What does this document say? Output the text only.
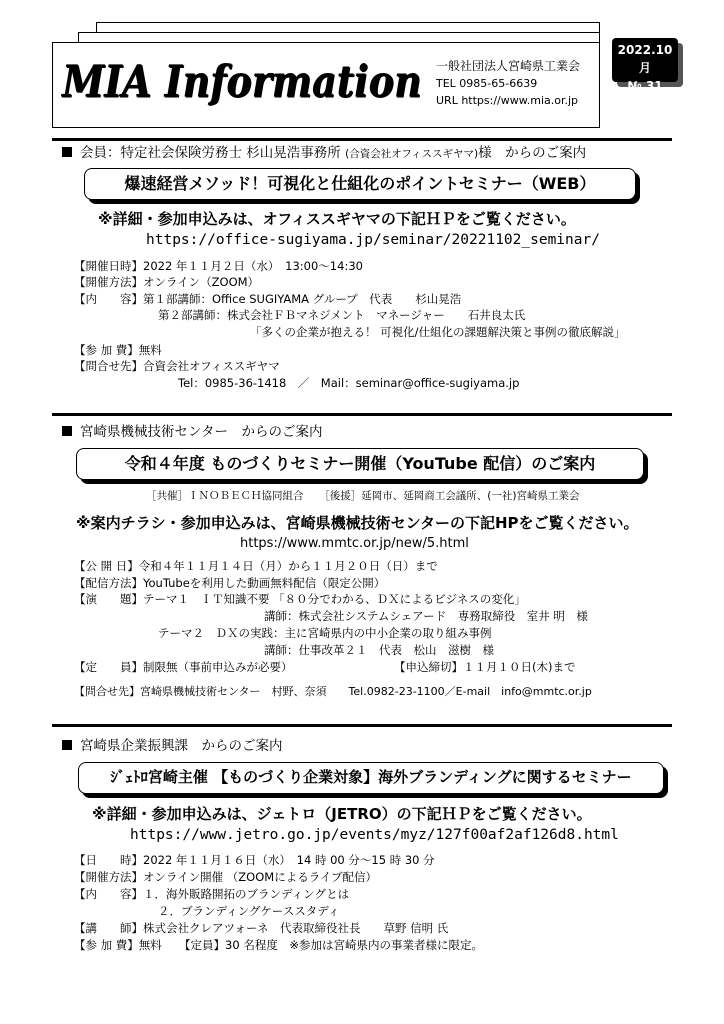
MIA Information 一般社団法人宮崎県工業会
TEL 0985-65-6639
URL https://www.mia.or.jp
2022.10月
№ 31
会員：特定社会保険労務士 杉山晃浩事務所 (合資会社オフィススギヤマ)様　からのご案内
爆速経営メソッド！可視化と仕組化のポイントセミナー（WEB）
※詳細・参加申込みは、オフィススギヤマの下記ＨＰをご覧ください。
https://office-sugiyama.jp/seminar/20221102_seminar/
【開催日時】2022 年１１月２日（水）　13:00～14:30
【開催方法】オンライン（ZOOM）
【内　　容】第１部講師：Office SUGIYAMA グループ　代表　　杉山晃浩
第２部講師：株式会社ＦＢマネジメント　マネージャー　　石井良太氏
「多くの企業が抱える！ 可視化/仕組化の課題解決策と事例の徹底解説」
【参 加 費】無料
【問合せ先】合資会社オフィススギヤマ
Tel：0985-36-1418　／　Mail：seminar@office-sugiyama.jp
宮崎県機械技術センター　からのご案内
令和４年度 ものづくりセミナー開催（YouTube 配信）のご案内
［共催］ＩＮＯＢＥＣＨ協同組合　　［後援］延岡市、延岡商工会議所、(一社)宮崎県工業会
※案内チラシ・参加申込みは、宮崎県機械技術センターの下記HPをご覧ください。
https://www.mmtc.or.jp/new/5.html
【公 開 日】令和４年１１月１４日（月）から１１月２０日（日）まで
【配信方法】YouTubeを利用した動画無料配信（限定公開）
【演　　題】テーマ１　ＩＴ知識不要 「８０分でわかる、ＤＸによるビジネスの変化」
講師：株式会社システムシェアード　専務取締役　室井 明　様
テーマ２　ＤＸの実践：主に宮崎県内の中小企業の取り組み事例
講師：仕事改革２１　代表　松山　滋樹　様
【定　　員】制限無（事前申込みが必要）	【申込締切】１１月１０日(木)まで
【問合せ先】宮崎県機械技術センター　村野、奈須　　Tel.0982-23-1100／E-mail　info@mmtc.or.jp
宮崎県企業振興課　からのご案内
ｼﾞｪﾄﾛ宮崎主催 【ものづくり企業対象】海外ブランディングに関するセミナー
※詳細・参加申込みは、ジェトロ（JETRO）の下記ＨＰをご覧ください。
https://www.jetro.go.jp/events/myz/127f00af2af126d8.html
【日　　時】2022 年１１月１６日（水）　14 時 00 分～15 時 30 分
【開催方法】オンライン開催 （ZOOMによるライブ配信）
【内　　容】１．海外販路開拓のブランディングとは
２．ブランディングケーススタディ
【講　　師】株式会社クレアツォーネ　代表取締役社長　　草野 信明 氏
【参 加 費】無料　　【定員】30 名程度　※参加は宮崎県内の事業者様に限定。
